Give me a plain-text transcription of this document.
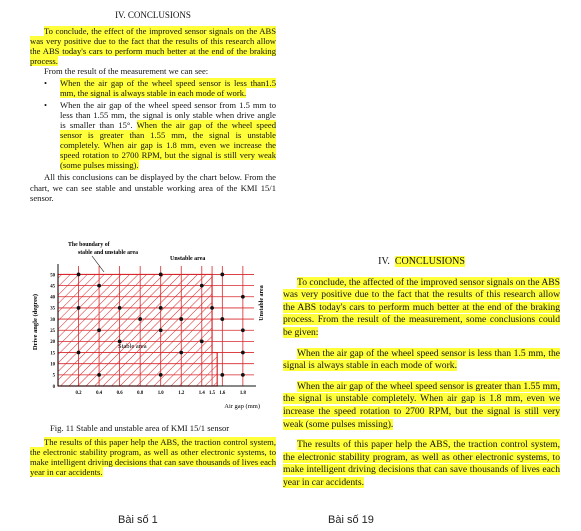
IV. CONCLUSIONS

To conclude, the effect of the improved sensor signals on the ABS was very positive due to the fact that the results of this research allow the ABS today's cars to perform much better at the end of the braking process.

From the result of the measurement we can see:

• When the air gap of the wheel speed sensor is less than1.5 mm, the signal is always stable in each mode of work.
• When the air gap of the wheel speed sensor from 1.5 mm to less than 1.55 mm, the signal is only stable when drive angle is smaller than 15°. When the air gap of the wheel speed sensor is greater than 1.55 mm, the signal is unstable completely. When air gap is 1.8 mm, even we increase the speed rotation to 2700 RPM, but the signal is still very weak (some pulses missing).

All this conclusions can be displayed by the chart below. From the chart, we can see stable and unstable working area of the KMI 15/1 sensor.

0.2	0.4	0.6	0.8	1.0	1.2	1.4 1.5 1.6	1.8
0
5
10
15
20
25
30
35
40
45
50
Drive angle (degree)
Air gap (mm)
The boundary of
stable and unstable area
Unstable area
Unstable area
Stable area
Fig. 11 Stable and unstable area of KMI 15/1 sensor

The results of this paper help the ABS, the traction control system, the electronic stability program, as well as other electronic systems, to make intelligent driving decisions that can save thousands of lives each year in car accidents.

IV. CONCLUSIONS

To conclude, the affected of the improved sensor signals on the ABS was very positive due to the fact that the results of this research allow the ABS today's cars to perform much better at the end of the braking process. From the result of the measurement, some conclusions could be given:

When the air gap of the wheel speed sensor is less than 1.5 mm, the signal is always stable in each mode of work.

When the air gap of the wheel speed sensor is greater than 1.55 mm, the signal is unstable completely. When air gap is 1.8 mm, even we increase the speed rotation to 2700 RPM, but the signal is still very weak (some pulses missing).

The results of this paper help the ABS, the traction control system, the electronic stability program, as well as other electronic systems, to make intelligent driving decisions that can save thousands of lives each year in car accidents.

Bài số 1	Bài số 19
